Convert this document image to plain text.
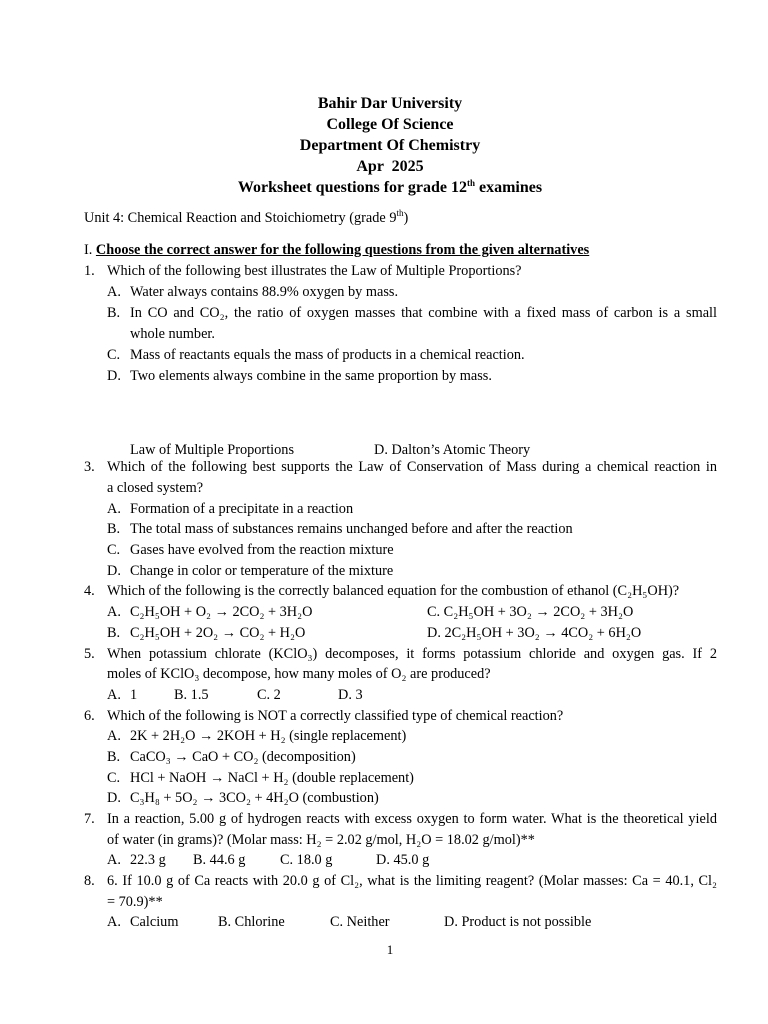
Bahir Dar University
College Of Science
Department Of Chemistry
Apr  2025
Worksheet questions for grade 12th examines
Unit 4: Chemical Reaction and Stoichiometry (grade 9th)
I. Choose the correct answer for the following questions from the given alternatives
1. Which of the following best illustrates the Law of Multiple Proportions?
A. Water always contains 88.9% oxygen by mass.
B. In CO and CO₂, the ratio of oxygen masses that combine with a fixed mass of carbon is a small
whole number.
C. Mass of reactants equals the mass of products in a chemical reaction.
D. Two elements always combine in the same proportion by mass.
Law of Multiple Proportions	D. Dalton’s Atomic Theory
3. Which of the following best supports the Law of Conservation of Mass during a chemical reaction in
a closed system?
A. Formation of a precipitate in a reaction
B. The total mass of substances remains unchanged before and after the reaction
C. Gases have evolved from the reaction mixture
D. Change in color or temperature of the mixture
4. Which of the following is the correctly balanced equation for the combustion of ethanol (C₂H₅OH)?
A. C₂H₅OH + O₂ → 2CO₂ + 3H₂O	C. C₂H₅OH + 3O₂ → 2CO₂ + 3H₂O
B. C₂H₅OH + 2O₂ → CO₂ + H₂O	D. 2C₂H₅OH + 3O₂ → 4CO₂ + 6H₂O
5. When potassium chlorate (KClO₃) decomposes, it forms potassium chloride and oxygen gas. If 2
moles of KClO₃ decompose, how many moles of O₂ are produced?
A. 1	B. 1.5	C. 2	D. 3
6. Which of the following is NOT a correctly classified type of chemical reaction?
A. 2K + 2H₂O → 2KOH + H₂ (single replacement)
B. CaCO₃ → CaO + CO₂ (decomposition)
C. HCl + NaOH → NaCl + H₂ (double replacement)
D. C₃H₈ + 5O₂ → 3CO₂ + 4H₂O (combustion)
7. In a reaction, 5.00 g of hydrogen reacts with excess oxygen to form water. What is the theoretical yield
of water (in grams)? (Molar mass: H₂ = 2.02 g/mol, H₂O = 18.02 g/mol)**
A. 22.3 g B. 44.6 g C. 18.0 g	D. 45.0 g
8. 6. If 10.0 g of Ca reacts with 20.0 g of Cl₂, what is the limiting reagent? (Molar masses: Ca = 40.1, Cl₂
= 70.9)**
A. Calcium	B. Chlorine	C. Neither	D. Product is not possible
1
